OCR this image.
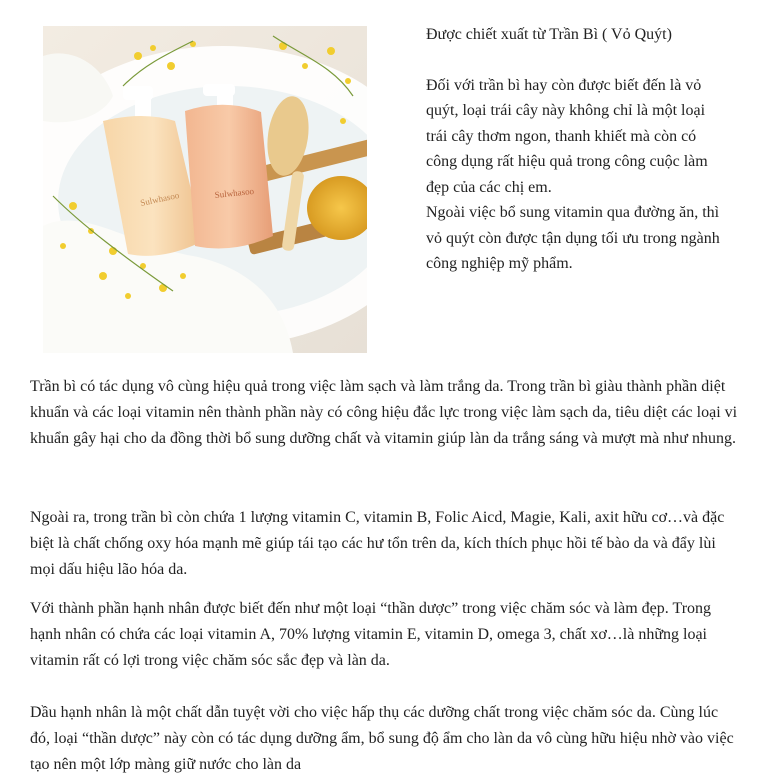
Sulwhasoo	Sulwhasoo

Được chiết xuất từ Trần Bì ( Vỏ Quýt)

Đối với trần bì hay còn được biết đến là vỏ quýt, loại trái cây này không chỉ là một loại trái cây thơm ngon, thanh khiết mà còn có công dụng rất hiệu quả trong công cuộc làm đẹp của các chị em.

Ngoài việc bổ sung vitamin qua đường ăn, thì vỏ quýt còn được tận dụng tối ưu trong ngành công nghiệp mỹ phẩm.

Trần bì có tác dụng vô cùng hiệu quả trong việc làm sạch và làm trắng da. Trong trần bì giàu thành phần diệt khuẩn và các loại vitamin nên thành phần này có công hiệu đắc lực trong việc làm sạch da, tiêu diệt các loại vi khuẩn gây hại cho da đồng thời bổ sung dưỡng chất và vitamin giúp làn da trắng sáng và mượt mà như nhung.

Ngoài ra, trong trần bì còn chứa 1 lượng vitamin C, vitamin B, Folic Aicd, Magie, Kali, axit hữu cơ…và đặc biệt là chất chống oxy hóa mạnh mẽ giúp tái tạo các hư tổn trên da, kích thích phục hồi tế bào da và đẩy lùi mọi dấu hiệu lão hóa da.

Với thành phần hạnh nhân được biết đến như một loại “thần dược” trong việc chăm sóc và làm đẹp. Trong hạnh nhân có chứa các loại vitamin A, 70% lượng vitamin E, vitamin D, omega 3, chất xơ…là những loại vitamin rất có lợi trong việc chăm sóc sắc đẹp và làn da.

Dầu hạnh nhân là một chất dẫn tuyệt vời cho việc hấp thụ các dưỡng chất trong việc chăm sóc da. Cùng lúc đó, loại “thần dược” này còn có tác dụng dưỡng ẩm, bổ sung độ ẩm cho làn da vô cùng hữu hiệu nhờ vào việc tạo nên một lớp màng giữ nước cho làn da
